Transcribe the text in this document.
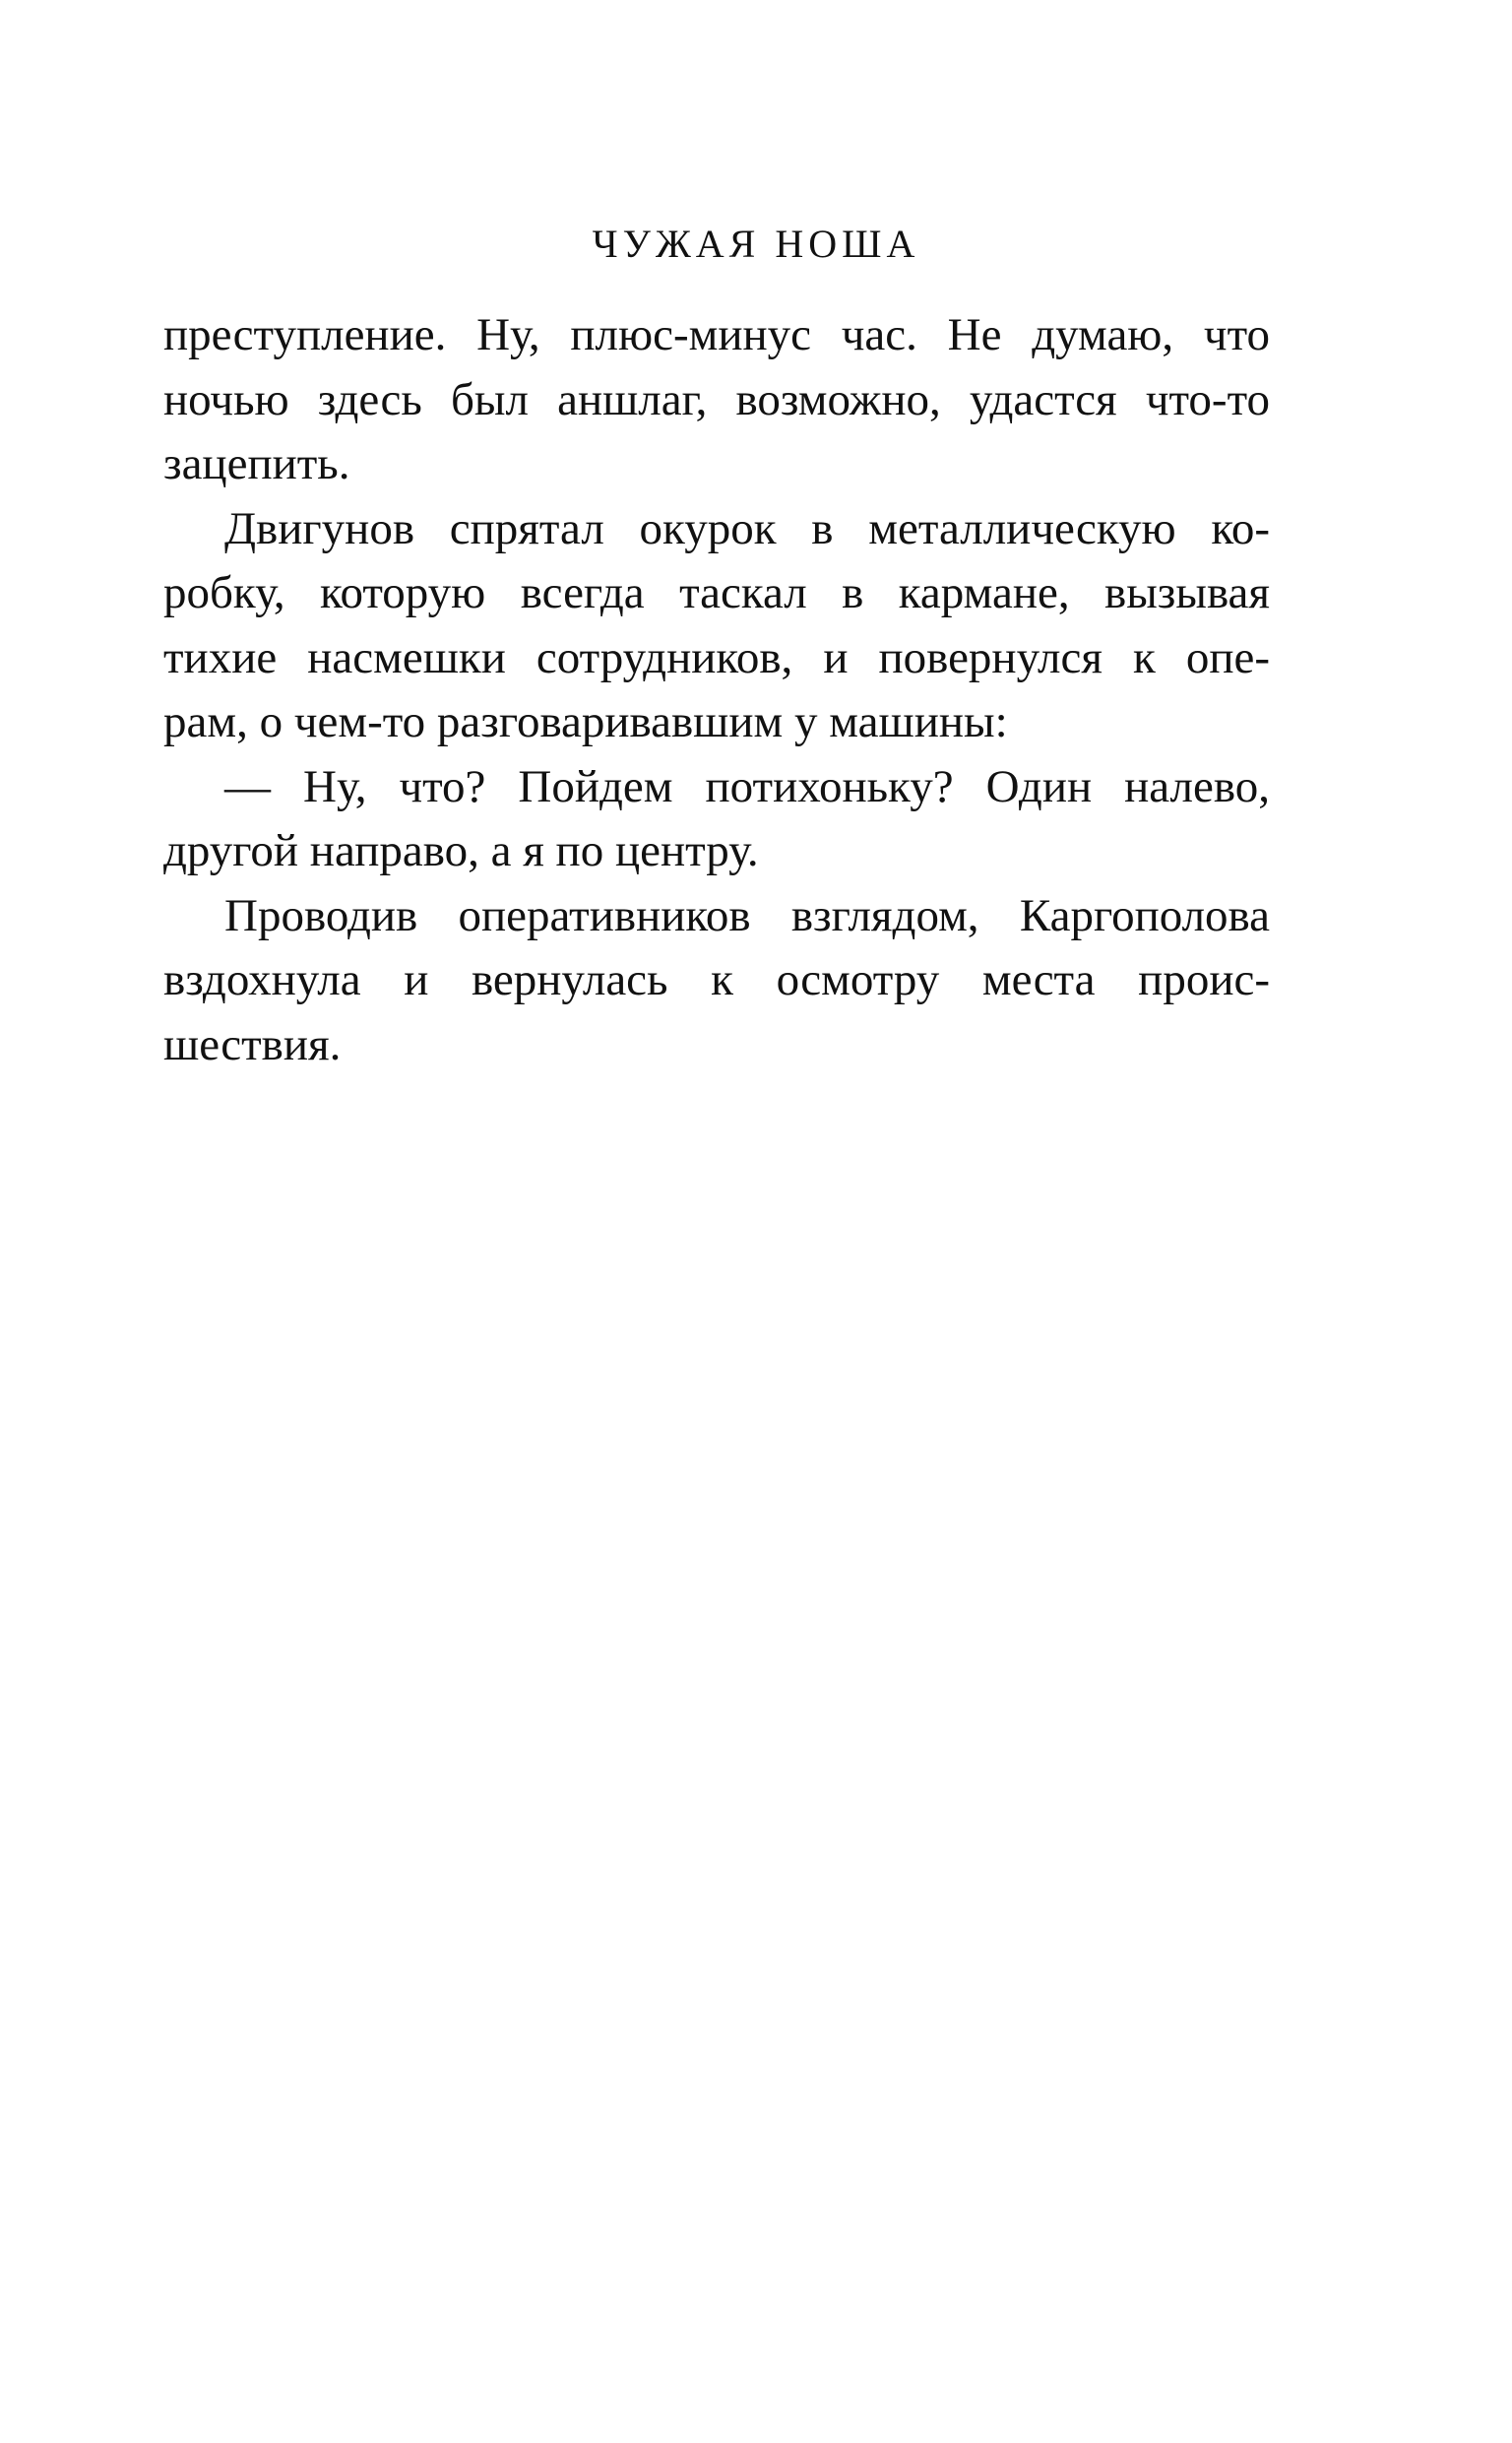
ЧУЖАЯ НОША
преступление. Ну, плюс-минус час. Не думаю, что
ночью здесь был аншлаг, возможно, удастся что-то
зацепить.
Двигунов спрятал окурок в металлическую ко-
робку, которую всегда таскал в кармане, вызывая
тихие насмешки сотрудников, и повернулся к опе-
рам, о чем-то разговаривавшим у машины:
— Ну, что? Пойдем потихоньку? Один налево,
другой направо, а я по центру.
Проводив оперативников взглядом, Каргополова
вздохнула и вернулась к осмотру места проис-
шествия.
